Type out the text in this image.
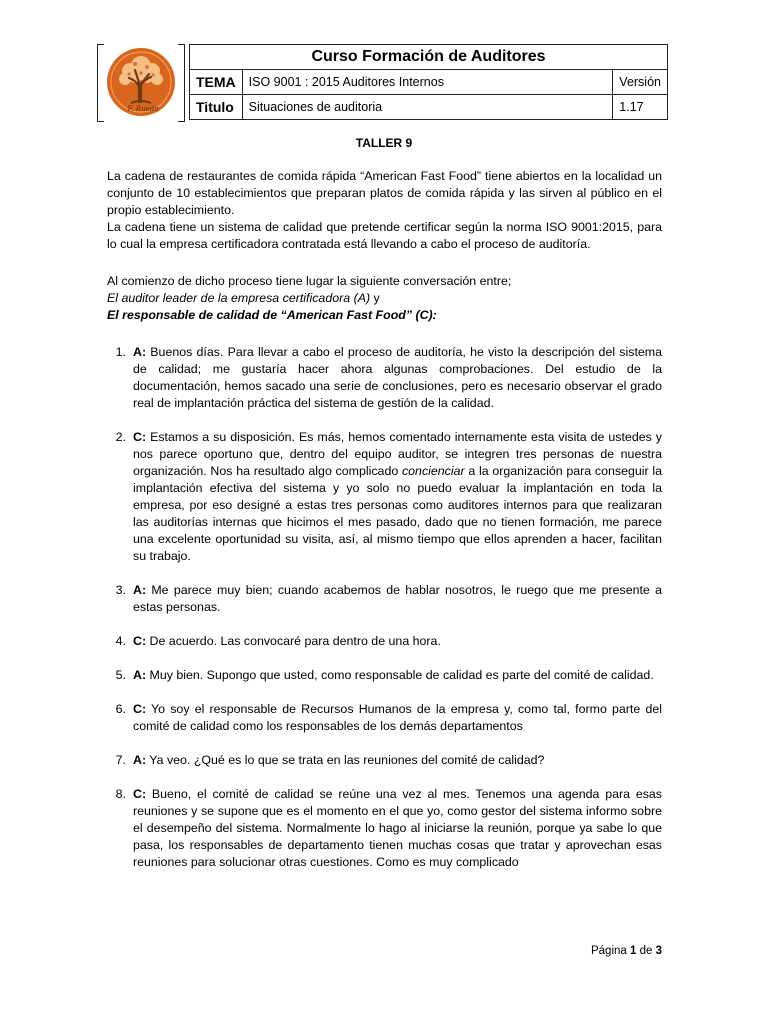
F. Rueda
Curso Formación de Auditores		
TEMA	ISO 9001 : 2015 Auditores Internos	Versión
Titulo	Situaciones de auditoria	1.17
TALLER 9

La cadena de restaurantes de comida rápida “American Fast Food” tiene abiertos en la localidad un conjunto de 10 establecimientos que preparan platos de comida rápida y las sirven al público en el propio establecimiento.

La cadena tiene un sistema de calidad que pretende certificar según la norma ISO 9001:2015, para lo cual la empresa certificadora contratada está llevando a cabo el proceso de auditoría.

Al comienzo de dicho proceso tiene lugar la siguiente conversación entre;

El auditor leader de la empresa certificadora (A) y

El responsable de calidad de “American Fast Food” (C):

1. A: Buenos días. Para llevar a cabo el proceso de auditoría, he visto la descripción del sistema de calidad; me gustaría hacer ahora algunas comprobaciones. Del estudio de la documentación, hemos sacado una serie de conclusiones, pero es necesario observar el grado real de implantación práctica del sistema de gestión de la calidad.
2. C: Estamos a su disposición. Es más, hemos comentado internamente esta visita de ustedes y nos parece oportuno que, dentro del equipo auditor, se integren tres personas de nuestra organización. Nos ha resultado algo complicado concienciar a la organización para conseguir la implantación efectiva del sistema y yo solo no puedo evaluar la implantación en toda la empresa, por eso designé a estas tres personas como auditores internos para que realizaran las auditorías internas que hicimos el mes pasado, dado que no tienen formación, me parece una excelente oportunidad su visita, así, al mismo tiempo que ellos aprenden a hacer, facilitan su trabajo.
3. A: Me parece muy bien; cuando acabemos de hablar nosotros, le ruego que me presente a estas personas.
4. C: De acuerdo. Las convocaré para dentro de una hora.
5. A: Muy bien. Supongo que usted, como responsable de calidad es parte del comité de calidad.
6. C: Yo soy el responsable de Recursos Humanos de la empresa y, como tal, formo parte del comité de calidad como los responsables de los demás departamentos
7. A: Ya veo. ¿Qué es lo que se trata en las reuniones del comité de calidad?
8. C: Bueno, el comité de calidad se reúne una vez al mes. Tenemos una agenda para esas reuniones y se supone que es el momento en el que yo, como gestor del sistema informo sobre el desempeño del sistema. Normalmente lo hago al iniciarse la reunión, porque ya sabe lo que pasa, los responsables de departamento tienen muchas cosas que tratar y aprovechan esas reuniones para solucionar otras cuestiones. Como es muy complicado
Página 1 de 3
